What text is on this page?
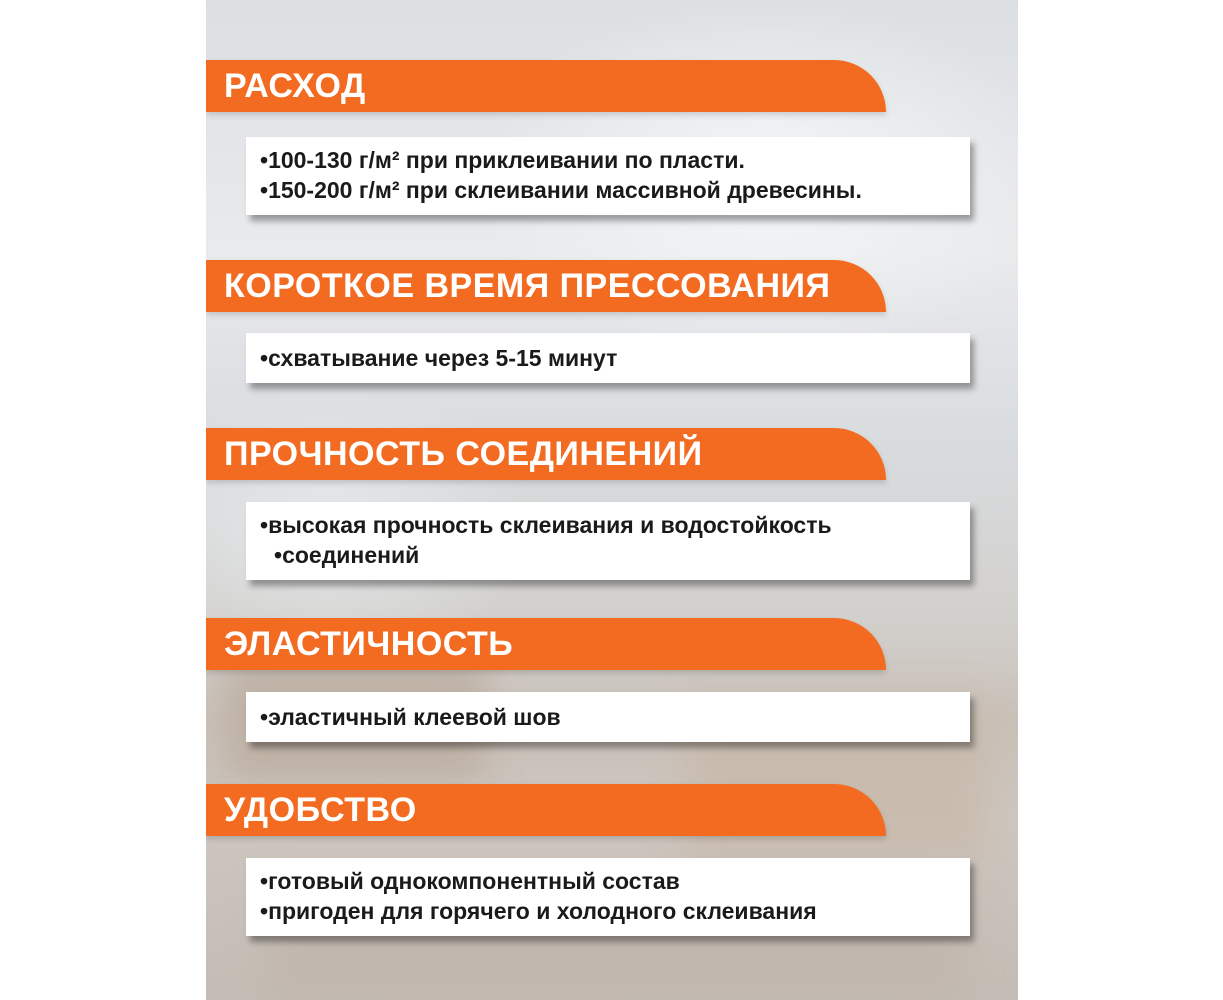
РАСХОД
• 100-130 г/м² при приклеивании по пласти.
• 150-200 г/м² при склеивании массивной древесины.
КОРОТКОЕ ВРЕМЯ ПРЕССОВАНИЯ
• схватывание через 5-15 минут
ПРОЧНОСТЬ СОЕДИНЕНИЙ
• высокая прочность склеивания и водостойкость
• соединений
ЭЛАСТИЧНОСТЬ
• эластичный клеевой шов
УДОБСТВО
• готовый однокомпонентный состав
• пригоден для горячего и холодного склеивания
